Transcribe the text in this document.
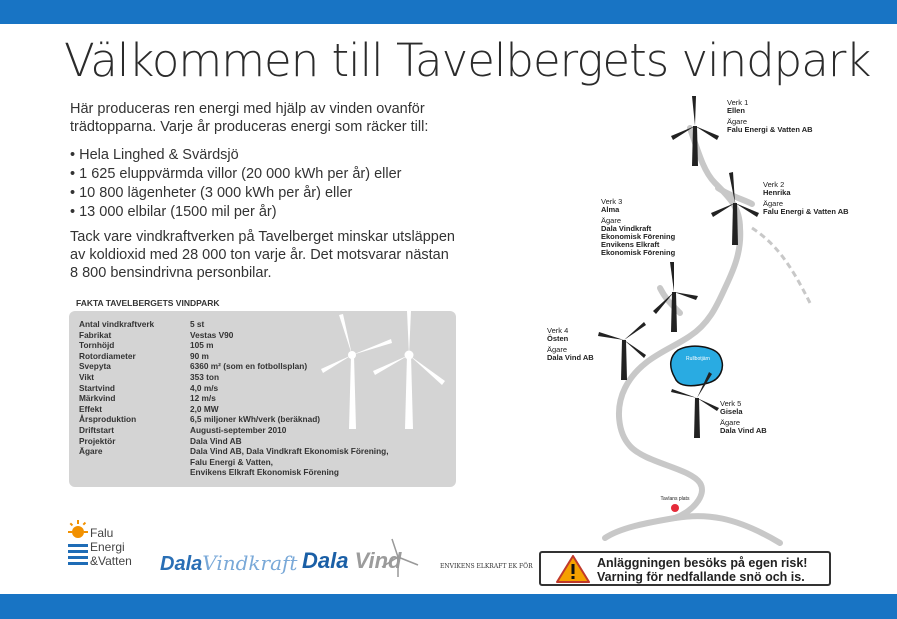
Välkommen till Tavelbergets vindpark
Här produceras ren energi med hjälp av vinden ovanför trädtopparna. Varje år produceras energi som räcker till:
• Hela Linghed & Svärdsjö
• 1 625 eluppvärmda villor (20 000 kWh per år) eller
• 10 800 lägenheter (3 000 kWh per år) eller
• 13 000 elbilar (1500 mil per år)
Tack vare vindkraftverken på Tavelberget minskar utsläppen av koldioxid med 28 000 ton varje år. Det motsvarar nästan 8 800 bensindrivna personbilar.
FAKTA TAVELBERGETS VINDPARK
Antal vindkraftverk	5 st
Fabrikat	Vestas V90
Tornhöjd	105 m
Rotordiameter	90 m
Svepyta	6360 m² (som en fotbollsplan)
Vikt	353 ton
Startvind	4,0 m/s
Märkvind	12 m/s
Effekt	2,0 MW
Årsproduktion	6,5 miljoner kWh/verk (beräknad)
Driftstart	Augusti-september 2010
Projektör	Dala Vind AB
Ägare	Dala Vind AB, Dala Vindkraft Ekonomisk Förening,
Falu Energi & Vatten,
Envikens Elkraft Ekonomisk Förening
Falu
Energi
&Vatten DalaVindkraft Dala Vind	ENVIKENS ELKRAFT EK FÖR
Rullbotjärn
Tavlans plats
Verk 1
Ellen
Ägare
Falu Energi & Vatten AB
Verk 2
Henrika
Ägare
Falu Energi & Vatten AB
Verk 3
Alma
Ägare
Dala Vindkraft Ekonomisk Förening Envikens Elkraft Ekonomisk Förening
Verk 4
Östen
Ägare
Dala Vind AB
Verk 5
Gisela
Ägare
Dala Vind AB
Anläggningen besöks på egen risk!
Varning för nedfallande snö och is.
